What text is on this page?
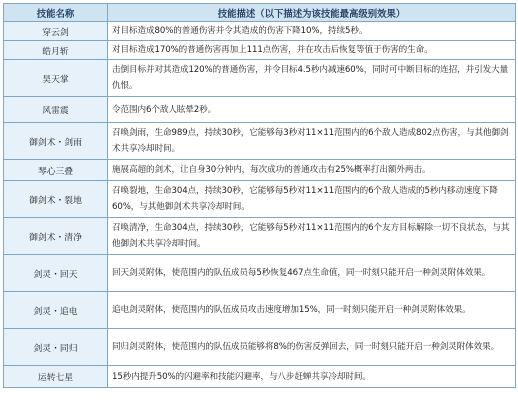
技能名称	技能描述（以下描述为该技能最高级别效果）
穿云剑	对目标造成80%的普通伤害并令其造成的伤害下降10%，持续5秒。
皓月斩	对目标造成170%的普通伤害再加上111点伤害，并在攻击后恢复等值于伤害的生命。
昊天掌	击倒目标并对其造成120%的普通伤害，并令目标4.5秒内减速60%，同时可中断目标的连招，并引发大量仇恨。
风雷震	令范围内6个敌人眩晕2秒。
御剑术・剑雨	召唤剑雨，生命989点，持续30秒，它能够每3秒对11×11范围内的6个敌人造成802点伤害，与其他御剑术共享冷却时间。
琴心三叠	施展高超的剑术，让自身30分钟内，每次成功的普通攻击有25%概率打出额外两击。
御剑术・裂地	召唤裂地，生命304点，持续30秒，它能够每5秒对11×11范围内的6个敌人造成的5秒内移动速度下降60%，与其他御剑术共享冷却时间。
御剑术・清净	召唤清净，生命304点，持续30秒，它能够每5秒对11×11范围内的6个友方目标解除一切不良状态，与其他御剑术共享冷却时间。
剑灵・回天	回天剑灵附体，使范围内的队伍成员每5秒恢复467点生命值，同一时刻只能开启一种剑灵附体效果。
剑灵・追电	追电剑灵附体，使范围内的队伍成员攻击速度增加15%，同一时刻只能开启一种剑灵附体效果。
剑灵・同归	同归剑灵附体，使范围内的队伍成员能够将8%的伤害反弹回去，同一时刻只能开启一种剑灵附体效果。
运转七星	15秒内提升50%的闪避率和技能闪避率，与八步赶蝉共享冷却时间。
